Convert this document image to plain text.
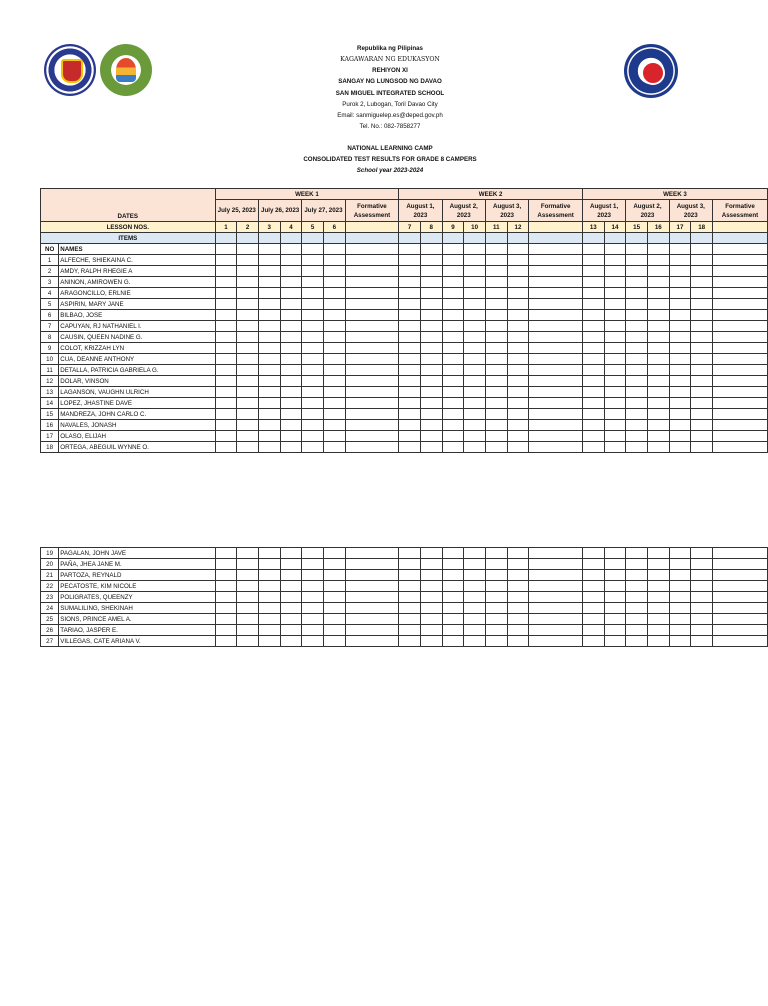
Republika ng Pilipinas
KAGAWARAN NG EDUKASYON
REHIYON XI
SANGAY NG LUNGSOD NG DAVAO
SAN MIGUEL INTEGRATED SCHOOL
Purok 2, Lubogan, Toril Davao City
Email: sanmiguelep.es@deped.gov.ph
Tel. No.: 082-7858277
NATIONAL LEARNING CAMP
CONSOLIDATED TEST RESULTS FOR GRADE 8 CAMPERS
School year 2023-2024
DATES		WEEK 1							WEEK 2							WEEK 3						
		July 25, 2023		July 26, 2023		July 27, 2023		Formative Assessment	August 1, 2023		August 2, 2023		August 3, 2023		Formative Assessment	August 1, 2023		August 2, 2023		August 3, 2023		Formative Assessment
LESSON NOS.		1	2	3	4	5	6		7	8	9	10	11	12		13	14	15	16	17	18	
ITEMS																						
NO	NAMES																					
1	ALFECHE, SHIEKAINA C.																					
2	AMDY, RALPH RHEGIE A																					
3	ANINON, AMIROWEN G.																					
4	ARAGONCILLO, ERLNIE																					
5	ASPIRIN, MARY JANE																					
6	BILBAO, JOSE																					
7	CAPUYAN, RJ NATHANIEL I.																					
8	CAUSIN, QUEEN NADINE G.																					
9	COLOT, KRIZZAH LYN																					
10	CUA, DEANNE ANTHONY																					
11	DETALLA, PATRICIA GABRIELA G.																					
12	DOLAR, VINSON																					
13	LAGANSON, VAUGHN ULRICH																					
14	LOPEZ, JHASTINE DAVE																					
15	MANDREZA, JOHN CARLO C.																					
16	NAVALES, JONASH																					
17	OLASO, ELIJAH																					
18	ORTEGA, ABEGUIL WYNNE O.																					
19	PAGALAN, JOHN JAVE																					
20	PAÑA, JHEA JANE M.																					
21	PARTOZA, REYNALD																					
22	PECATOSTE, KIM NICOLE																					
23	POLIGRATES, QUEENZY																					
24	SUMALILING, SHEKINAH																					
25	SIONS, PRINCE AMEL A.																					
26	TARIAO, JASPER E.																					
27	VILLEGAS, CATE ARIANA V.																					
